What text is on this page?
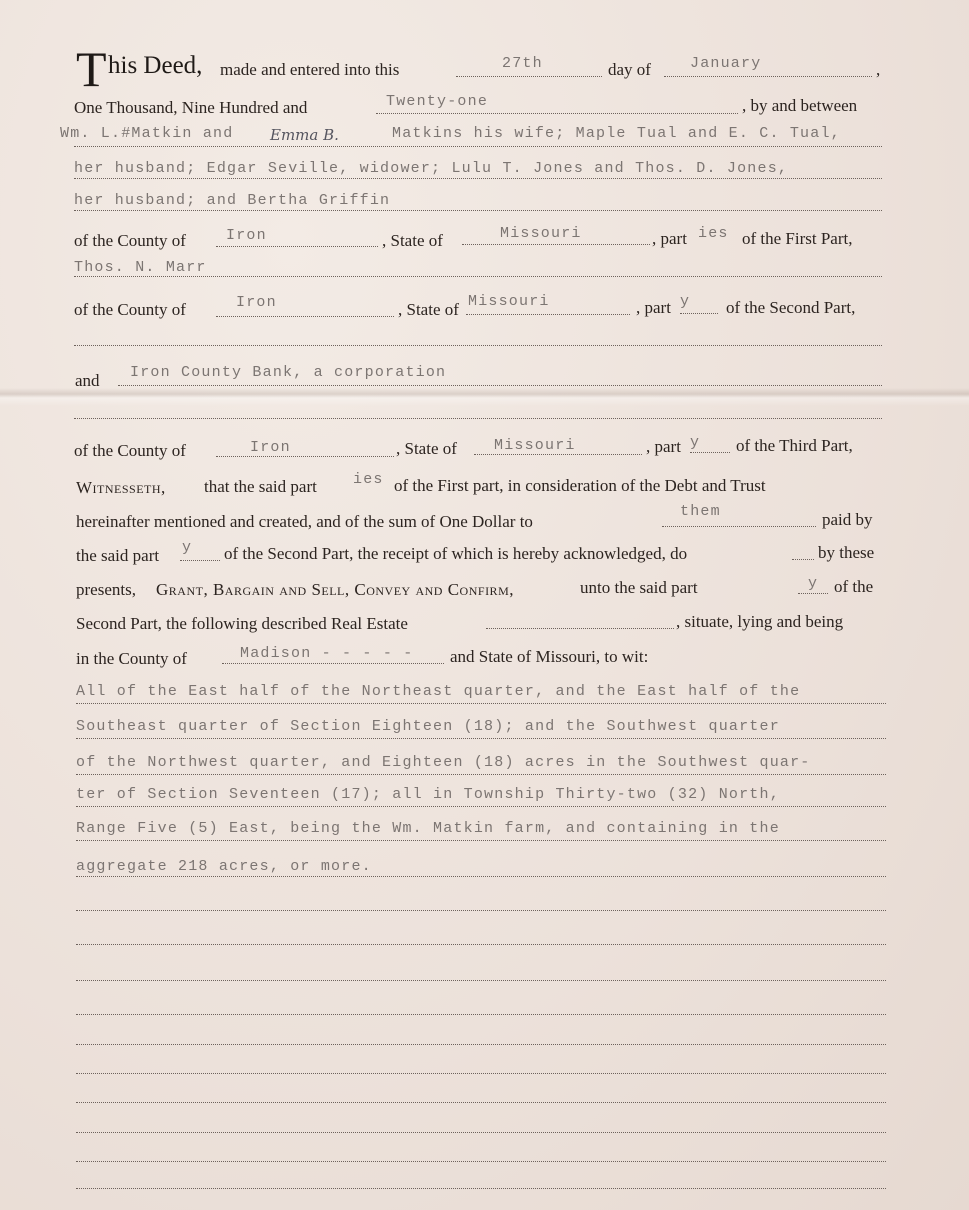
T his Deed, made and entered into this	27th	day of	January	,
One Thousand, Nine Hundred and	Twenty-one	, by and between
Wm. L.#Matkin and Emma B.	Matkins his wife; Maple Tual and E. C. Tual,
her husband; Edgar Seville, widower; Lulu T. Jones and Thos. D. Jones,
her husband; and Bertha Griffin
of the County of	Iron	, State of	Missouri	, part ies of the First Part,
Thos. N. Marr
of the County of	Iron	, State of Missouri	, part y of the Second Part,
and Iron County Bank, a corporation
of the County of	Iron	, State of Missouri	, part y of the Third Part,
Witnesseth, that the said part ies of the First part, in consideration of the Debt and Trust
hereinafter mentioned and created, and of the sum of One Dollar to
them	paid by
the said part y of the Second Part, the receipt of which is hereby acknowledged, do	by these
presents, Grant, Bargain and Sell, Convey and Confirm,	unto the said part	y of the
Second Part, the following described Real Estate	, situate, lying and being
in the County of	Madison - - - - - and State of Missouri, to wit:
All of the East half of the Northeast quarter, and the East half of the
Southeast quarter of Section Eighteen (18); and the Southwest quarter
of the Northwest quarter, and Eighteen (18) acres in the Southwest quar-
ter of Section Seventeen (17); all in Township Thirty-two (32) North,
Range Five (5) East, being the Wm. Matkin farm, and containing in the
aggregate 218 acres, or more.
